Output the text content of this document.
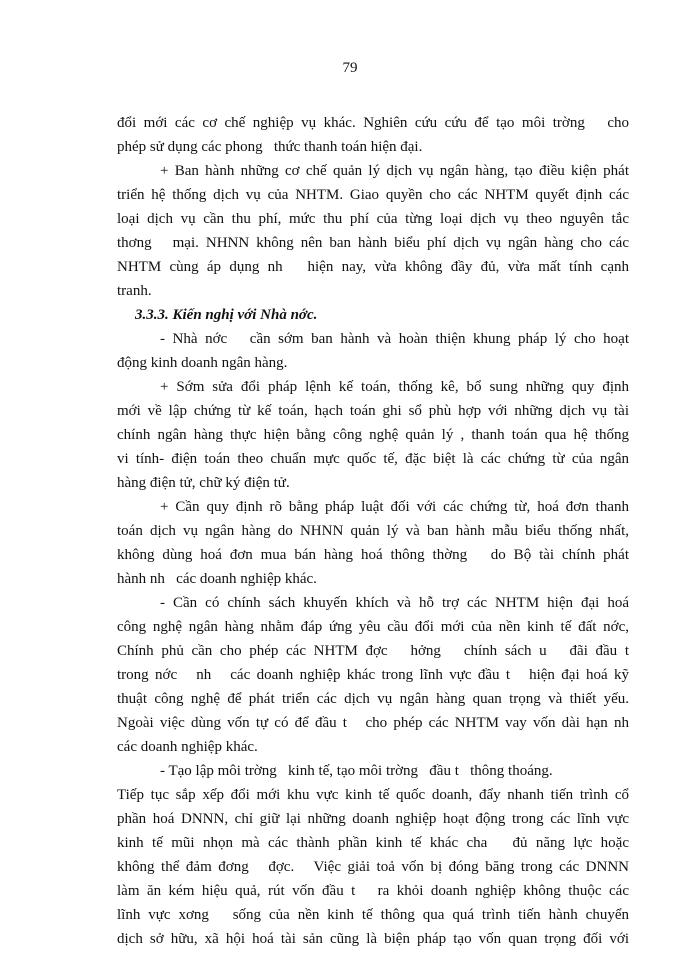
79
đổi mới các cơ chế nghiệp vụ khác. Nghiên cứu cứu để tạo môi trờng   cho
phép sử dụng các phong   thức thanh toán hiện đại.
+ Ban hành những cơ chế quản lý dịch vụ ngân hàng, tạo điều kiện phát
triển hệ thống dịch vụ của NHTM. Giao quyền cho các NHTM quyết định các
loại dịch vụ cần thu phí, mức thu phí của từng loại dịch vụ theo nguyên tắc
thơng   mại. NHNN không nên ban hành biểu phí dịch vụ ngân hàng cho các
NHTM cùng áp dụng nh   hiện nay, vừa không đầy đủ, vừa mất tính cạnh
tranh.
3.3.3. Kiến nghị với Nhà nớc.
- Nhà nớc   cần sớm ban hành và hoàn thiện khung pháp lý cho hoạt
động kinh doanh ngân hàng.
+ Sớm sửa đổi pháp lệnh kế toán, thống kê, bổ sung những quy định
mới về lập chứng từ kế toán, hạch toán ghi sổ phù hợp với những dịch vụ tài
chính ngân hàng thực hiện bằng công nghệ quản lý , thanh toán qua hệ thống
vi tính- điện toán theo chuẩn mực quốc tế, đặc biệt là các chứng từ của ngân
hàng điện tử, chữ ký điện tử.
+ Cần quy định rõ bằng pháp luật đối với các chứng từ, hoá đơn thanh
toán dịch vụ ngân hàng do NHNN quản lý và ban hành mẫu biểu thống nhất,
không dùng hoá đơn mua bán hàng hoá thông thờng   do Bộ tài chính phát
hành nh   các doanh nghiệp khác.
- Cần có chính sách khuyến khích và hỗ trợ các NHTM hiện đại hoá
công nghệ ngân hàng nhằm đáp ứng yêu cầu đổi mới của nền kinh tế đất nớc,
Chính phủ cần cho phép các NHTM đợc   hởng   chính sách u   đãi đầu t
trong nớc   nh   các doanh nghiệp khác trong lĩnh vực đầu t   hiện đại hoá kỹ
thuật công nghệ để phát triển các dịch vụ ngân hàng quan trọng và thiết yếu.
Ngoài việc dùng vốn tự có để đầu t   cho phép các NHTM vay vốn dài hạn nh
các doanh nghiệp khác.
- Tạo lập môi trờng   kinh tế, tạo môi trờng   đầu t   thông thoáng.
Tiếp tục sắp xếp đổi mới khu vực kinh tế quốc doanh, đẩy nhanh tiến trình cổ
phần hoá DNNN, chỉ giữ lại những doanh nghiệp hoạt động trong các lĩnh vực
kinh tế mũi nhọn mà các thành phần kinh tế khác cha   đủ năng lực hoặc
không thể đảm đơng   đợc.   Việc giải toả vốn bị đóng băng trong các DNNN
làm ăn kém hiệu quả, rút vốn đầu t   ra khỏi doanh nghiệp không thuộc các
lĩnh vực xơng   sống của nền kinh tế thông qua quá trình tiến hành chuyển
dịch sở hữu, xã hội hoá tài sản cũng là biện pháp tạo vốn quan trọng đối với
